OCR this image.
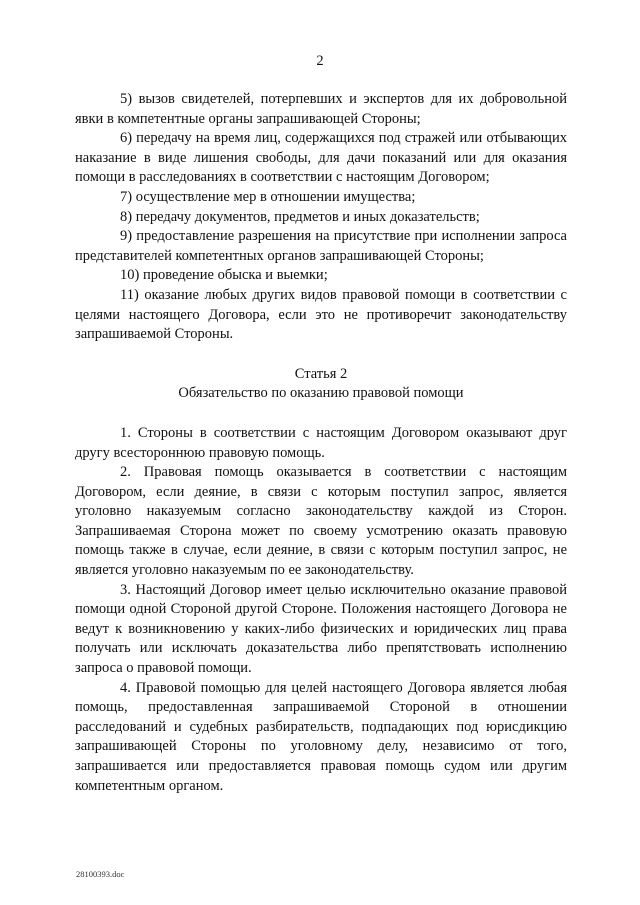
2

5) вызов свидетелей, потерпевших и экспертов для их добровольной явки в компетентные органы запрашивающей Стороны;

6) передачу на время лиц, содержащихся под стражей или отбывающих наказание в виде лишения свободы, для дачи показаний или для оказания помощи в расследованиях в соответствии с настоящим Договором;

7) осуществление мер в отношении имущества;

8) передачу документов, предметов и иных доказательств;

9) предоставление разрешения на присутствие при исполнении запроса представителей компетентных органов запрашивающей Стороны;

10) проведение обыска и выемки;

11) оказание любых других видов правовой помощи в соответствии с целями настоящего Договора, если это не противоречит законодательству запрашиваемой Стороны.

Статья 2

Обязательство по оказанию правовой помощи

1. Стороны в соответствии с настоящим Договором оказывают друг другу всестороннюю правовую помощь.

2. Правовая помощь оказывается в соответствии с настоящим Договором, если деяние, в связи с которым поступил запрос, является уголовно наказуемым согласно законодательству каждой из Сторон. Запрашиваемая Сторона может по своему усмотрению оказать правовую помощь также в случае, если деяние, в связи с которым поступил запрос, не является уголовно наказуемым по ее законодательству.

3. Настоящий Договор имеет целью исключительно оказание правовой помощи одной Стороной другой Стороне. Положения настоящего Договора не ведут к возникновению у каких-либо физических и юридических лиц права получать или исключать доказательства либо препятствовать исполнению запроса о правовой помощи.

4. Правовой помощью для целей настоящего Договора является любая помощь, предоставленная запрашиваемой Стороной в отношении расследований и судебных разбирательств, подпадающих под юрисдикцию запрашивающей Стороны по уголовному делу, независимо от того, запрашивается или предоставляется правовая помощь судом или другим компетентным органом.

28100393.doc
